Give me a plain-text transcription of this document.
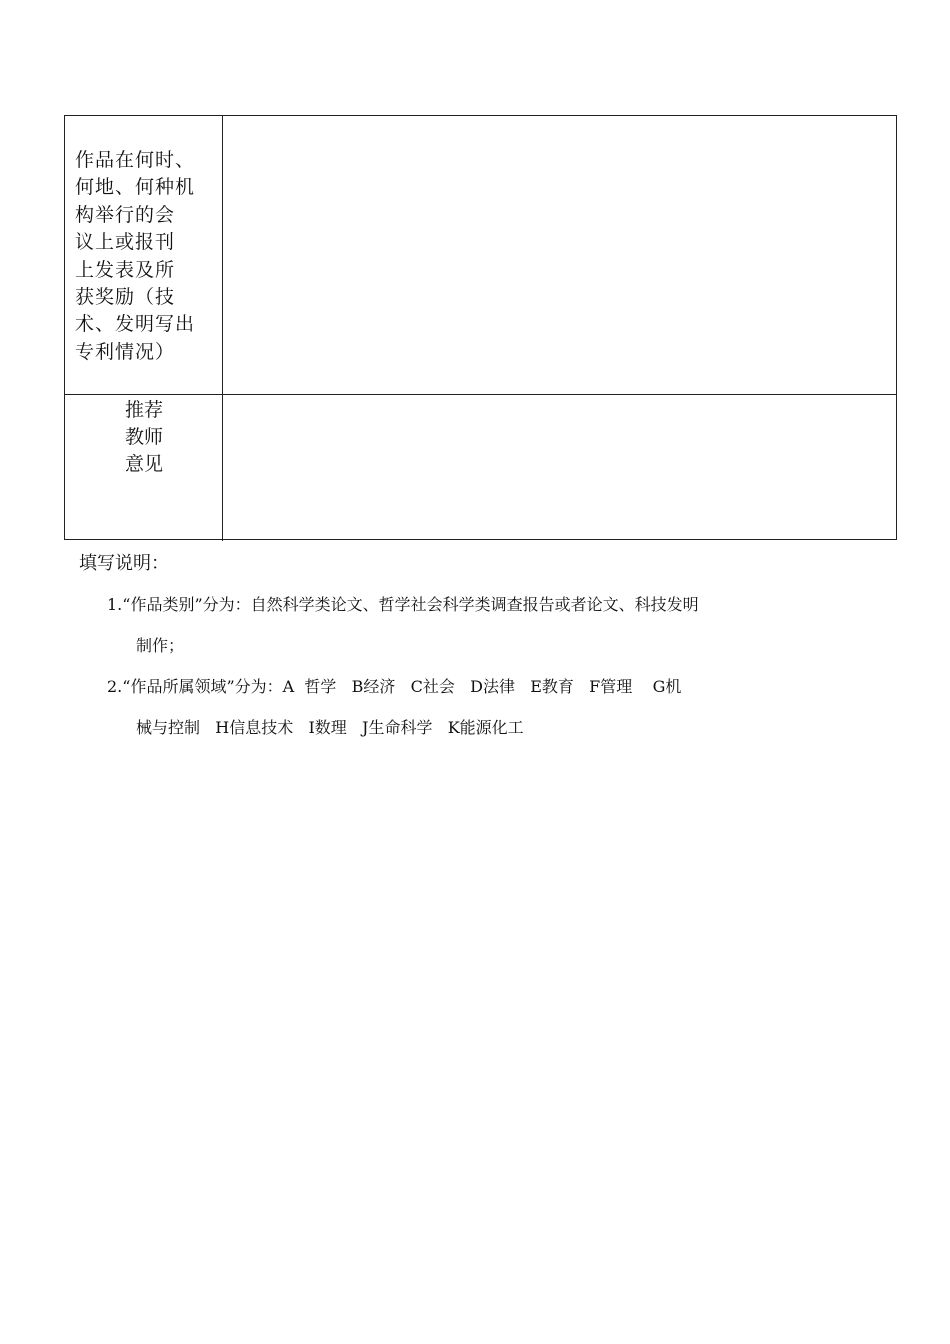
作品在何时、
何地、何种机
构举行的会
议上或报刊
上发表及所
获奖励（技
术、发明写出
专利情况）
推荐
教师
意见
填写说明：
1.“作品类别”分为：自然科学类论文、哲学社会科学类调查报告或者论文、科技发明
制作；
2.“作品所属领域”分为：A  哲学   B经济   C社会   D法律   E教育   F管理    G机
械与控制   H信息技术   I数理   J生命科学   K能源化工
